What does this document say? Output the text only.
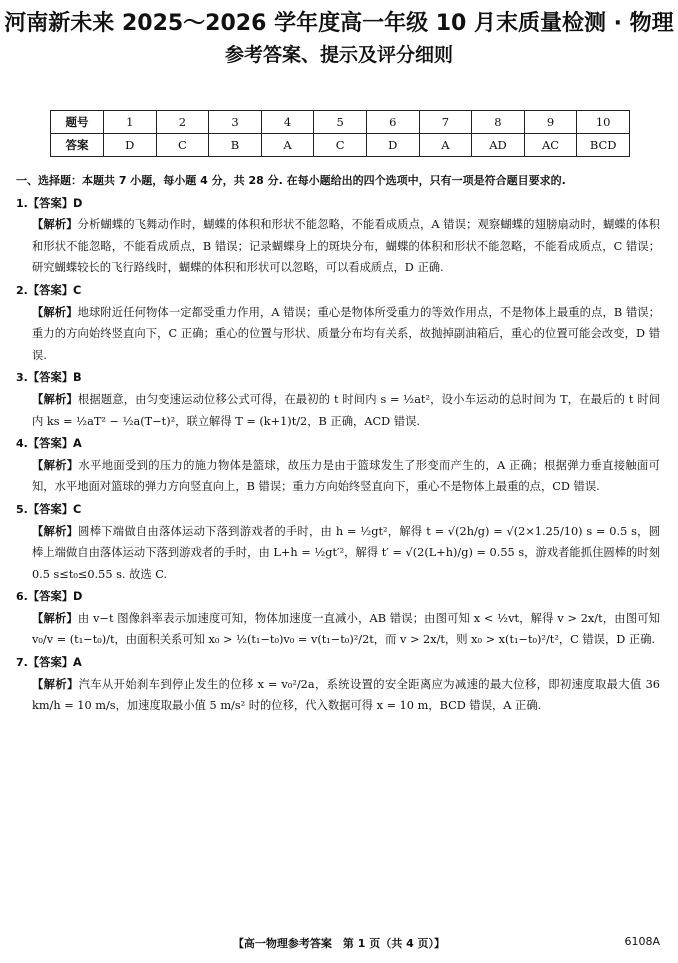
河南新未来 2025～2026 学年度高一年级 10 月末质量检测 · 物理
参考答案、提示及评分细则
题号	1	2	3	4	5	6	7	8	9	10
答案	D	C	B	A	C	D	A	AD	AC	BCD
一、选择题：本题共 7 小题，每小题 4 分，共 28 分. 在每小题给出的四个选项中，只有一项是符合题目要求的.
1.【答案】D
【解析】分析蝴蝶的飞舞动作时，蝴蝶的体积和形状不能忽略，不能看成质点，A 错误；观察蝴蝶的翅膀扇动时，蝴蝶的体积和形状不能忽略，不能看成质点，B 错误；记录蝴蝶身上的斑块分布，蝴蝶的体积和形状不能忽略，不能看成质点，C 错误；研究蝴蝶较长的飞行路线时，蝴蝶的体积和形状可以忽略，可以看成质点，D 正确.
2.【答案】C
【解析】地球附近任何物体一定都受重力作用，A 错误；重心是物体所受重力的等效作用点，不是物体上最重的点，B 错误；重力的方向始终竖直向下，C 正确；重心的位置与形状、质量分布均有关系，故抛掉副油箱后，重心的位置可能会改变，D 错误.
3.【答案】B
【解析】根据题意，由匀变速运动位移公式可得，在最初的 t 时间内 s = ½at²，设小车运动的总时间为 T，在最后的 t 时间内 ks = ½aT² − ½a(T−t)²，联立解得 T = (k+1)t/2，B 正确，ACD 错误.
4.【答案】A
【解析】水平地面受到的压力的施力物体是篮球，故压力是由于篮球发生了形变而产生的，A 正确；根据弹力垂直接触面可知，水平地面对篮球的弹力方向竖直向上，B 错误；重力方向始终竖直向下，重心不是物体上最重的点，CD 错误.
5.【答案】C
【解析】圆棒下端做自由落体运动下落到游戏者的手时，由 h = ½gt²，解得 t = √(2h/g) = √(2×1.25/10) s = 0.5 s，圆棒上端做自由落体运动下落到游戏者的手时，由 L+h = ½gt′²，解得 t′ = √(2(L+h)/g) = 0.55 s，游戏者能抓住圆棒的时刻 0.5 s≤t₀≤0.55 s. 故选 C.
6.【答案】D
【解析】由 v−t 图像斜率表示加速度可知，物体加速度一直减小，AB 错误；由图可知 x < ½vt，解得 v > 2x/t，由图可知 v₀/v = (t₁−t₀)/t，由面积关系可知 x₀ > ½(t₁−t₀)v₀ = v(t₁−t₀)²/2t，而 v > 2x/t，则 x₀ > x(t₁−t₀)²/t²，C 错误，D 正确.
7.【答案】A
【解析】汽车从开始刹车到停止发生的位移 x = v₀²/2a，系统设置的安全距离应为减速的最大位移，即初速度取最大值 36 km/h = 10 m/s，加速度取最小值 5 m/s² 时的位移，代入数据可得 x = 10 m，BCD 错误，A 正确.
【高一物理参考答案　第 1 页（共 4 页）】	6108A
